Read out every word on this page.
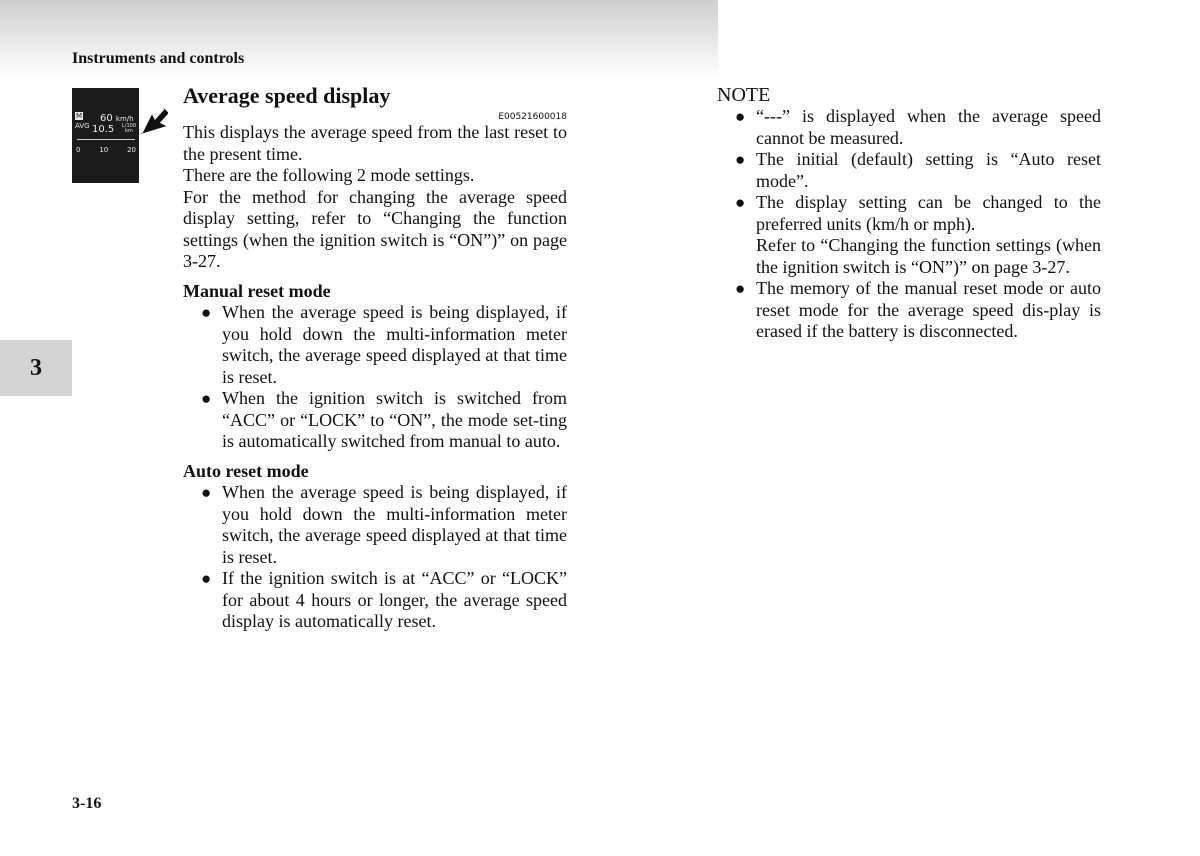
Instruments and controls
3
M
AVG
60 km/h
10.5 L/100
km
0	10	20
Average speed display
E00521600018

This displays the average speed from the last reset to the present time.

There are the following 2 mode settings.

For the method for changing the average speed display setting, refer to “Changing the function settings (when the ignition switch is “ON”)” on page 3-27.

Manual reset mode
● When the average speed is being displayed, if you hold down the multi-information meter switch, the average speed displayed at that time is reset.
● When the ignition switch is switched from “ACC” or “LOCK” to “ON”, the mode set-ting is automatically switched from manual to auto.
Auto reset mode
● When the average speed is being displayed, if you hold down the multi-information meter switch, the average speed displayed at that time is reset.
● If the ignition switch is at “ACC” or “LOCK” for about 4 hours or longer, the average speed display is automatically reset.
NOTE
● “---” is displayed when the average speed cannot be measured.
● The initial (default) setting is “Auto reset mode”.
● The display setting can be changed to the preferred units (km/h or mph).
Refer to “Changing the function settings (when the ignition switch is “ON”)” on page 3-27.
● The memory of the manual reset mode or auto reset mode for the average speed dis-play is erased if the battery is disconnected.
3-16
